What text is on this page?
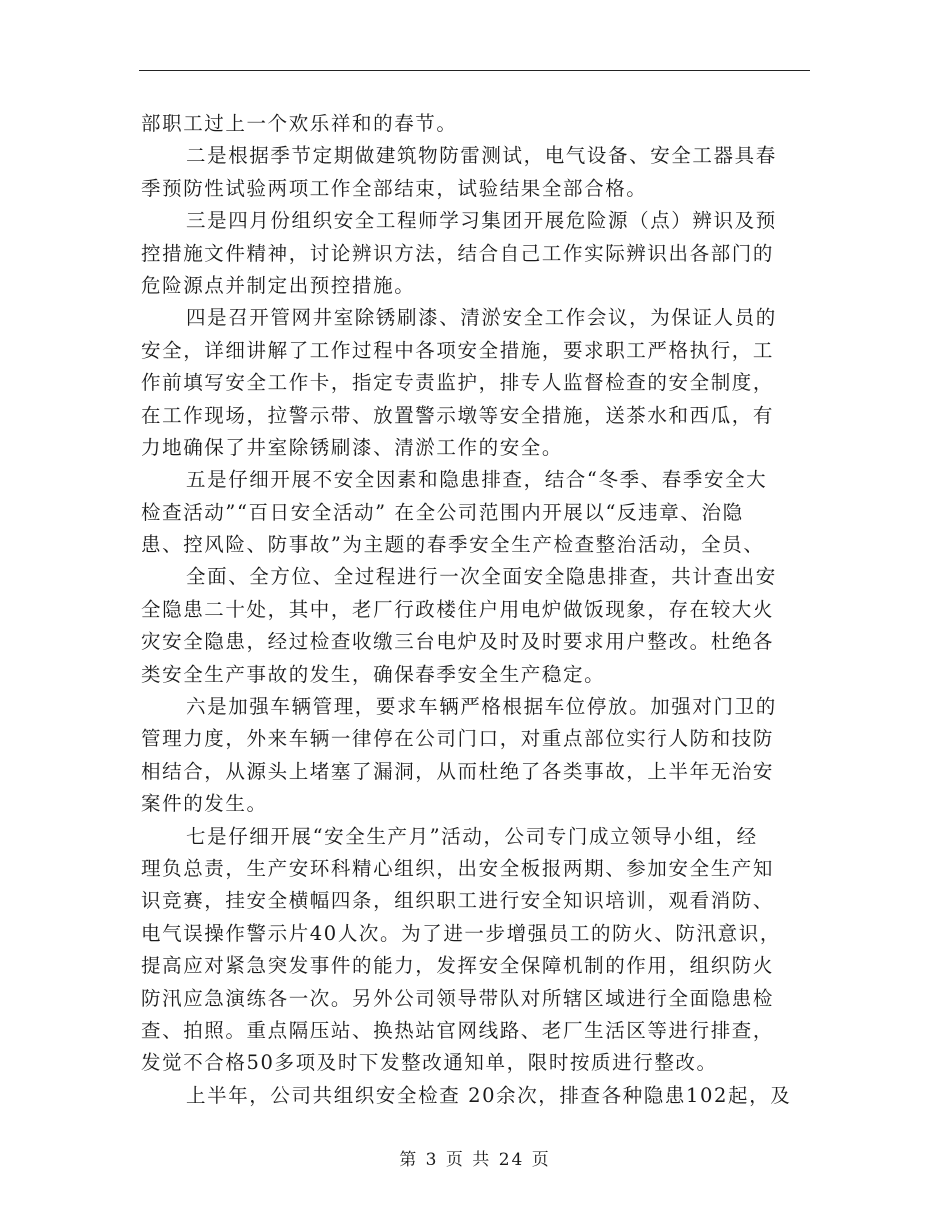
部职工过上一个欢乐祥和的春节。
二是根据季节定期做建筑物防雷测试，电气设备、安全工器具春
季预防性试验两项工作全部结束，试验结果全部合格。
三是四月份组织安全工程师学习集团开展危险源（点）辨识及预
控措施文件精神，讨论辨识方法，结合自己工作实际辨识出各部门的
危险源点并制定出预控措施。
四是召开管网井室除锈刷漆、清淤安全工作会议，为保证人员的
安全，详细讲解了工作过程中各项安全措施，要求职工严格执行，工
作前填写安全工作卡，指定专责监护，排专人监督检查的安全制度，
在工作现场，拉警示带、放置警示墩等安全措施，送茶水和西瓜，有
力地确保了井室除锈刷漆、清淤工作的安全。
五是仔细开展不安全因素和隐患排查，结合“冬季、春季安全大
检查活动”“百日安全活动” 在全公司范围内开展以“反违章、治隐
患、控风险、防事故”为主题的春季安全生产检查整治活动，全员、
全面、全方位、全过程进行一次全面安全隐患排查，共计查出安
全隐患二十处，其中，老厂行政楼住户用电炉做饭现象，存在较大火
灾安全隐患，经过检查收缴三台电炉及时及时要求用户整改。杜绝各
类安全生产事故的发生，确保春季安全生产稳定。
六是加强车辆管理，要求车辆严格根据车位停放。加强对门卫的
管理力度，外来车辆一律停在公司门口，对重点部位实行人防和技防
相结合，从源头上堵塞了漏洞，从而杜绝了各类事故，上半年无治安
案件的发生。
七是仔细开展“安全生产月”活动，公司专门成立领导小组，经
理负总责，生产安环科精心组织，出安全板报两期、参加安全生产知
识竞赛，挂安全横幅四条，组织职工进行安全知识培训，观看消防、
电气误操作警示片40人次。为了进一步增强员工的防火、防汛意识，
提高应对紧急突发事件的能力，发挥安全保障机制的作用，组织防火
防汛应急演练各一次。另外公司领导带队对所辖区域进行全面隐患检
查、拍照。重点隔压站、换热站官网线路、老厂生活区等进行排查，
发觉不合格50多项及时下发整改通知单，限时按质进行整改。
上半年，公司共组织安全检查 20余次，排查各种隐患102起，及
第 3 页 共 24 页
